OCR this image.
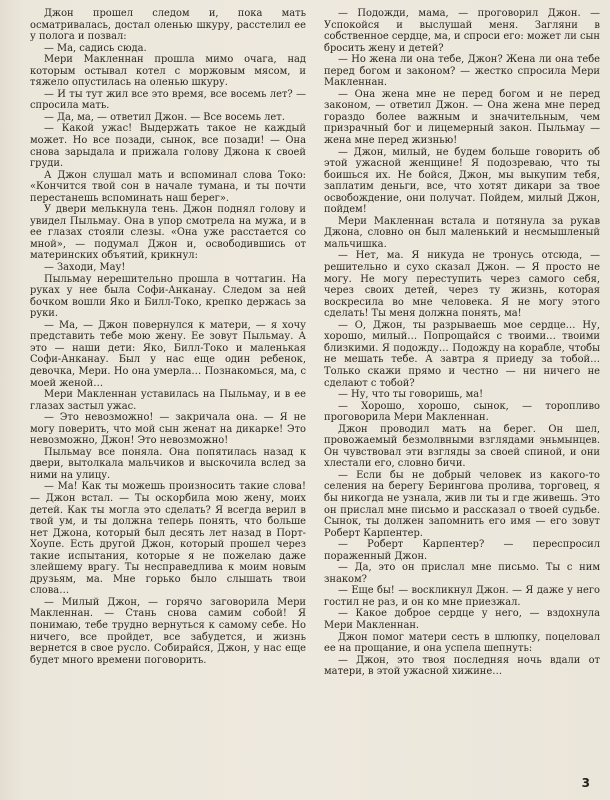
Джон прошел следом и, пока мать осматривалась, достал оленью шкуру, расстелил ее у полога и позвал:

— Ма, садись сюда.

Мери Макленнан прошла мимо очага, над которым остывал котел с моржовым мясом, и тяжело опустилась на оленью шкуру.

— И ты тут жил все это время, все восемь лет? — спросила мать.

— Да, ма, — ответил Джон. — Все восемь лет.

— Какой ужас! Выдержать такое не каждый может. Но все позади, сынок, все позади! — Она снова зарыдала и прижала голову Джона к своей груди.

А Джон слушал мать и вспоминал слова Токо: «Кончится твой сон в начале тумана, и ты почти перестанешь вспоминать наш берег».

У двери мелькнула тень. Джон поднял голову и увидел Пыльмау. Она в упор смотрела на мужа, и в ее глазах стояли слезы. «Она уже расстается со мной», — подумал Джон и, освободившись от материнских объятий, крикнул:

— Заходи, Мау!

Пыльмау нерешительно прошла в чоттагин. На руках у нее была Софи-Анканау. Следом за ней бочком вошли Яко и Билл-Токо, крепко держась за руки.

— Ма, — Джон повернулся к матери, — я хочу представить тебе мою жену. Ее зовут Пыльмау. А это — наши дети: Яко, Билл-Токо и маленькая Софи-Анканау. Был у нас еще один ребенок, девочка, Мери. Но она умерла… Познакомься, ма, с моей женой…

Мери Макленнан уставилась на Пыльмау, и в ее глазах застыл ужас.

— Это невозможно! — закричала она. — Я не могу поверить, что мой сын женат на дикарке! Это невозможно, Джон! Это невозможно!

Пыльмау все поняла. Она попятилась назад к двери, вытолкала мальчиков и выскочила вслед за ними на улицу.

— Ма! Как ты можешь произносить такие слова! — Джон встал. — Ты оскорбила мою жену, моих детей. Как ты могла это сделать? Я всегда верил в твой ум, и ты должна теперь понять, что больше нет Джона, который был десять лет назад в Порт-Хоупе. Есть другой Джон, который прошел через такие испытания, которые я не пожелаю даже злейшему врагу. Ты несправедлива к моим новым друзьям, ма. Мне горько было слышать твои слова…

— Милый Джон, — горячо заговорила Мери Макленнан. — Стань снова самим собой! Я понимаю, тебе трудно вернуться к самому себе. Но ничего, все пройдет, все забудется, и жизнь вернется в свое русло. Собирайся, Джон, у нас еще будет много времени поговорить.

— Подожди, мама, — проговорил Джон. — Успокойся и выслушай меня. Загляни в собственное сердце, ма, и спроси его: может ли сын бросить жену и детей?

— Но жена ли она тебе, Джон? Жена ли она тебе перед богом и законом? — жестко спросила Мери Макленнан.

— Она жена мне не перед богом и не перед законом, — ответил Джон. — Она жена мне перед гораздо более важным и значительным, чем призрачный бог и лицемерный закон. Пыльмау — жена мне перед жизнью!

— Джон, милый, не будем больше говорить об этой ужасной женщине! Я подозреваю, что ты боишься их. Не бойся, Джон, мы выкупим тебя, заплатим деньги, все, что хотят дикари за твое освобождение, они получат. Пойдем, милый Джон, пойдем!

Мери Макленнан встала и потянула за рукав Джона, словно он был маленький и несмышленый мальчишка.

— Нет, ма. Я никуда не тронусь отсюда, — решительно и сухо сказал Джон. — Я просто не могу. Не могу переступить через самого себя, через своих детей, через ту жизнь, которая воскресила во мне человека. Я не могу этого сделать! Ты меня должна понять, ма!

— О, Джон, ты разрываешь мое сердце… Ну, хорошо, милый… Попрощайся с твоими… твоими близкими. Я подожду… Подожду на корабле, чтобы не мешать тебе. А завтра я приеду за тобой… Только скажи прямо и честно — ни ничего не сделают с тобой?

— Ну, что ты говоришь, ма!

— Хорошо, хорошо, сынок, — торопливо проговорила Мери Макленнан.

Джон проводил мать на берег. Он шел, провожаемый безмолвными взглядами эньмынцев. Он чувствовал эти взгляды за своей спиной, и они хлестали его, словно бичи.

— Если бы не добрый человек из какого-то селения на берегу Берингова пролива, торговец, я бы никогда не узнала, жив ли ты и где живешь. Это он прислал мне письмо и рассказал о твоей судьбе. Сынок, ты должен запомнить его имя — его зовут Роберт Карпентер.

— Роберт Карпентер? — переспросил пораженный Джон.

— Да, это он прислал мне письмо. Ты с ним знаком?

— Еще бы! — воскликнул Джон. — Я даже у него гостил не раз, и он ко мне приезжал.

— Какое доброе сердце у него, — вздохнула Мери Макленнан.

Джон помог матери сесть в шлюпку, поцеловал ее на прощание, и она успела шепнуть:

— Джон, это твоя последняя ночь вдали от матери, в этой ужасной хижине…

3
